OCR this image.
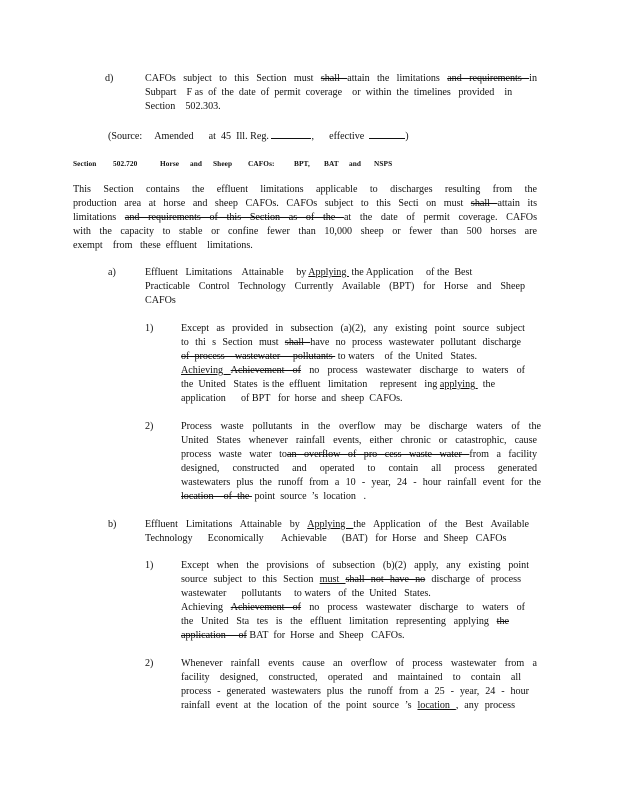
d)	CAFOs subject to this Section must shall attain the limitations and requirements in
Subpart    F as  of  the  date  of  permit  coverage    or  within  the  timelines   provided    in
Section    502.303.
(Source:     Amended      at  45  Ill. Reg.	,      effective	)
Section 502.720	Horse and Sheep CAFOs:	BPT, BAT and NSPS
This Section contains the effluent limitations applicable to discharges resulting from the
production area at horse and sheep CAFOs. CAFOs subject to this Secti on must shall attain its
limitations and requirements of this Section as of the at the date of permit coverage. CAFOs
with the capacity to stable or confine fewer than 10,000 sheep or fewer than 500 horses are
exempt    from   these  effluent    limitations.
a)	Effluent   Limitations    Attainable     by Applying  the Application     of the  Best
Practicable Control Technology Currently Available (BPT) for Horse and Sheep
CAFOs
1)	Except as provided in subsection (a)(2), any existing point source subject
to thi s Section must shall have no process wastewater pollutant discharge
of  process    wastewater     pollutants  to waters    of  the  United   States.
Achieving Achievement of no process wastewater discharge to waters of
the  United   States  is the  effluent   limitation     represent   ing applying   the
application      of BPT   for  horse  and  sheep  CAFOs.
2)	Process waste pollutants in the overflow may be discharge waters of the
United States whenever rainfall events, either chronic or catastrophic, cause
process waste water toan overflow of pro cess waste water from a facility
designed, constructed and operated to contain all process generated
wastewaters plus the runoff from a 10 - year, 24 - hour rainfall event for the
location    of  the  point  source  ’s  location   .
b)	Effluent Limitations Attainable by Applying the Application of the Best Available
Technology      Economically       Achievable      (BAT)   for  Horse   and  Sheep   CAFOs
1)	Except when the provisions of subsection (b)(2) apply, any existing point
source subject to this Section must shall not have no discharge of process
wastewater      pollutants     to waters   of  the  United   States.
Achieving Achievement of no process wastewater discharge to waters of
the United Sta tes is the effluent limitation representing applying the
application     of BAT  for  Horse  and  Sheep   CAFOs.
2)	Whenever rainfall events cause an overflow of process wastewater from a
facility designed, constructed, operated and maintained to contain all
process - generated wastewaters plus the runoff from a 25 - year, 24 - hour
rainfall event at the location of the point source ’s location , any process
